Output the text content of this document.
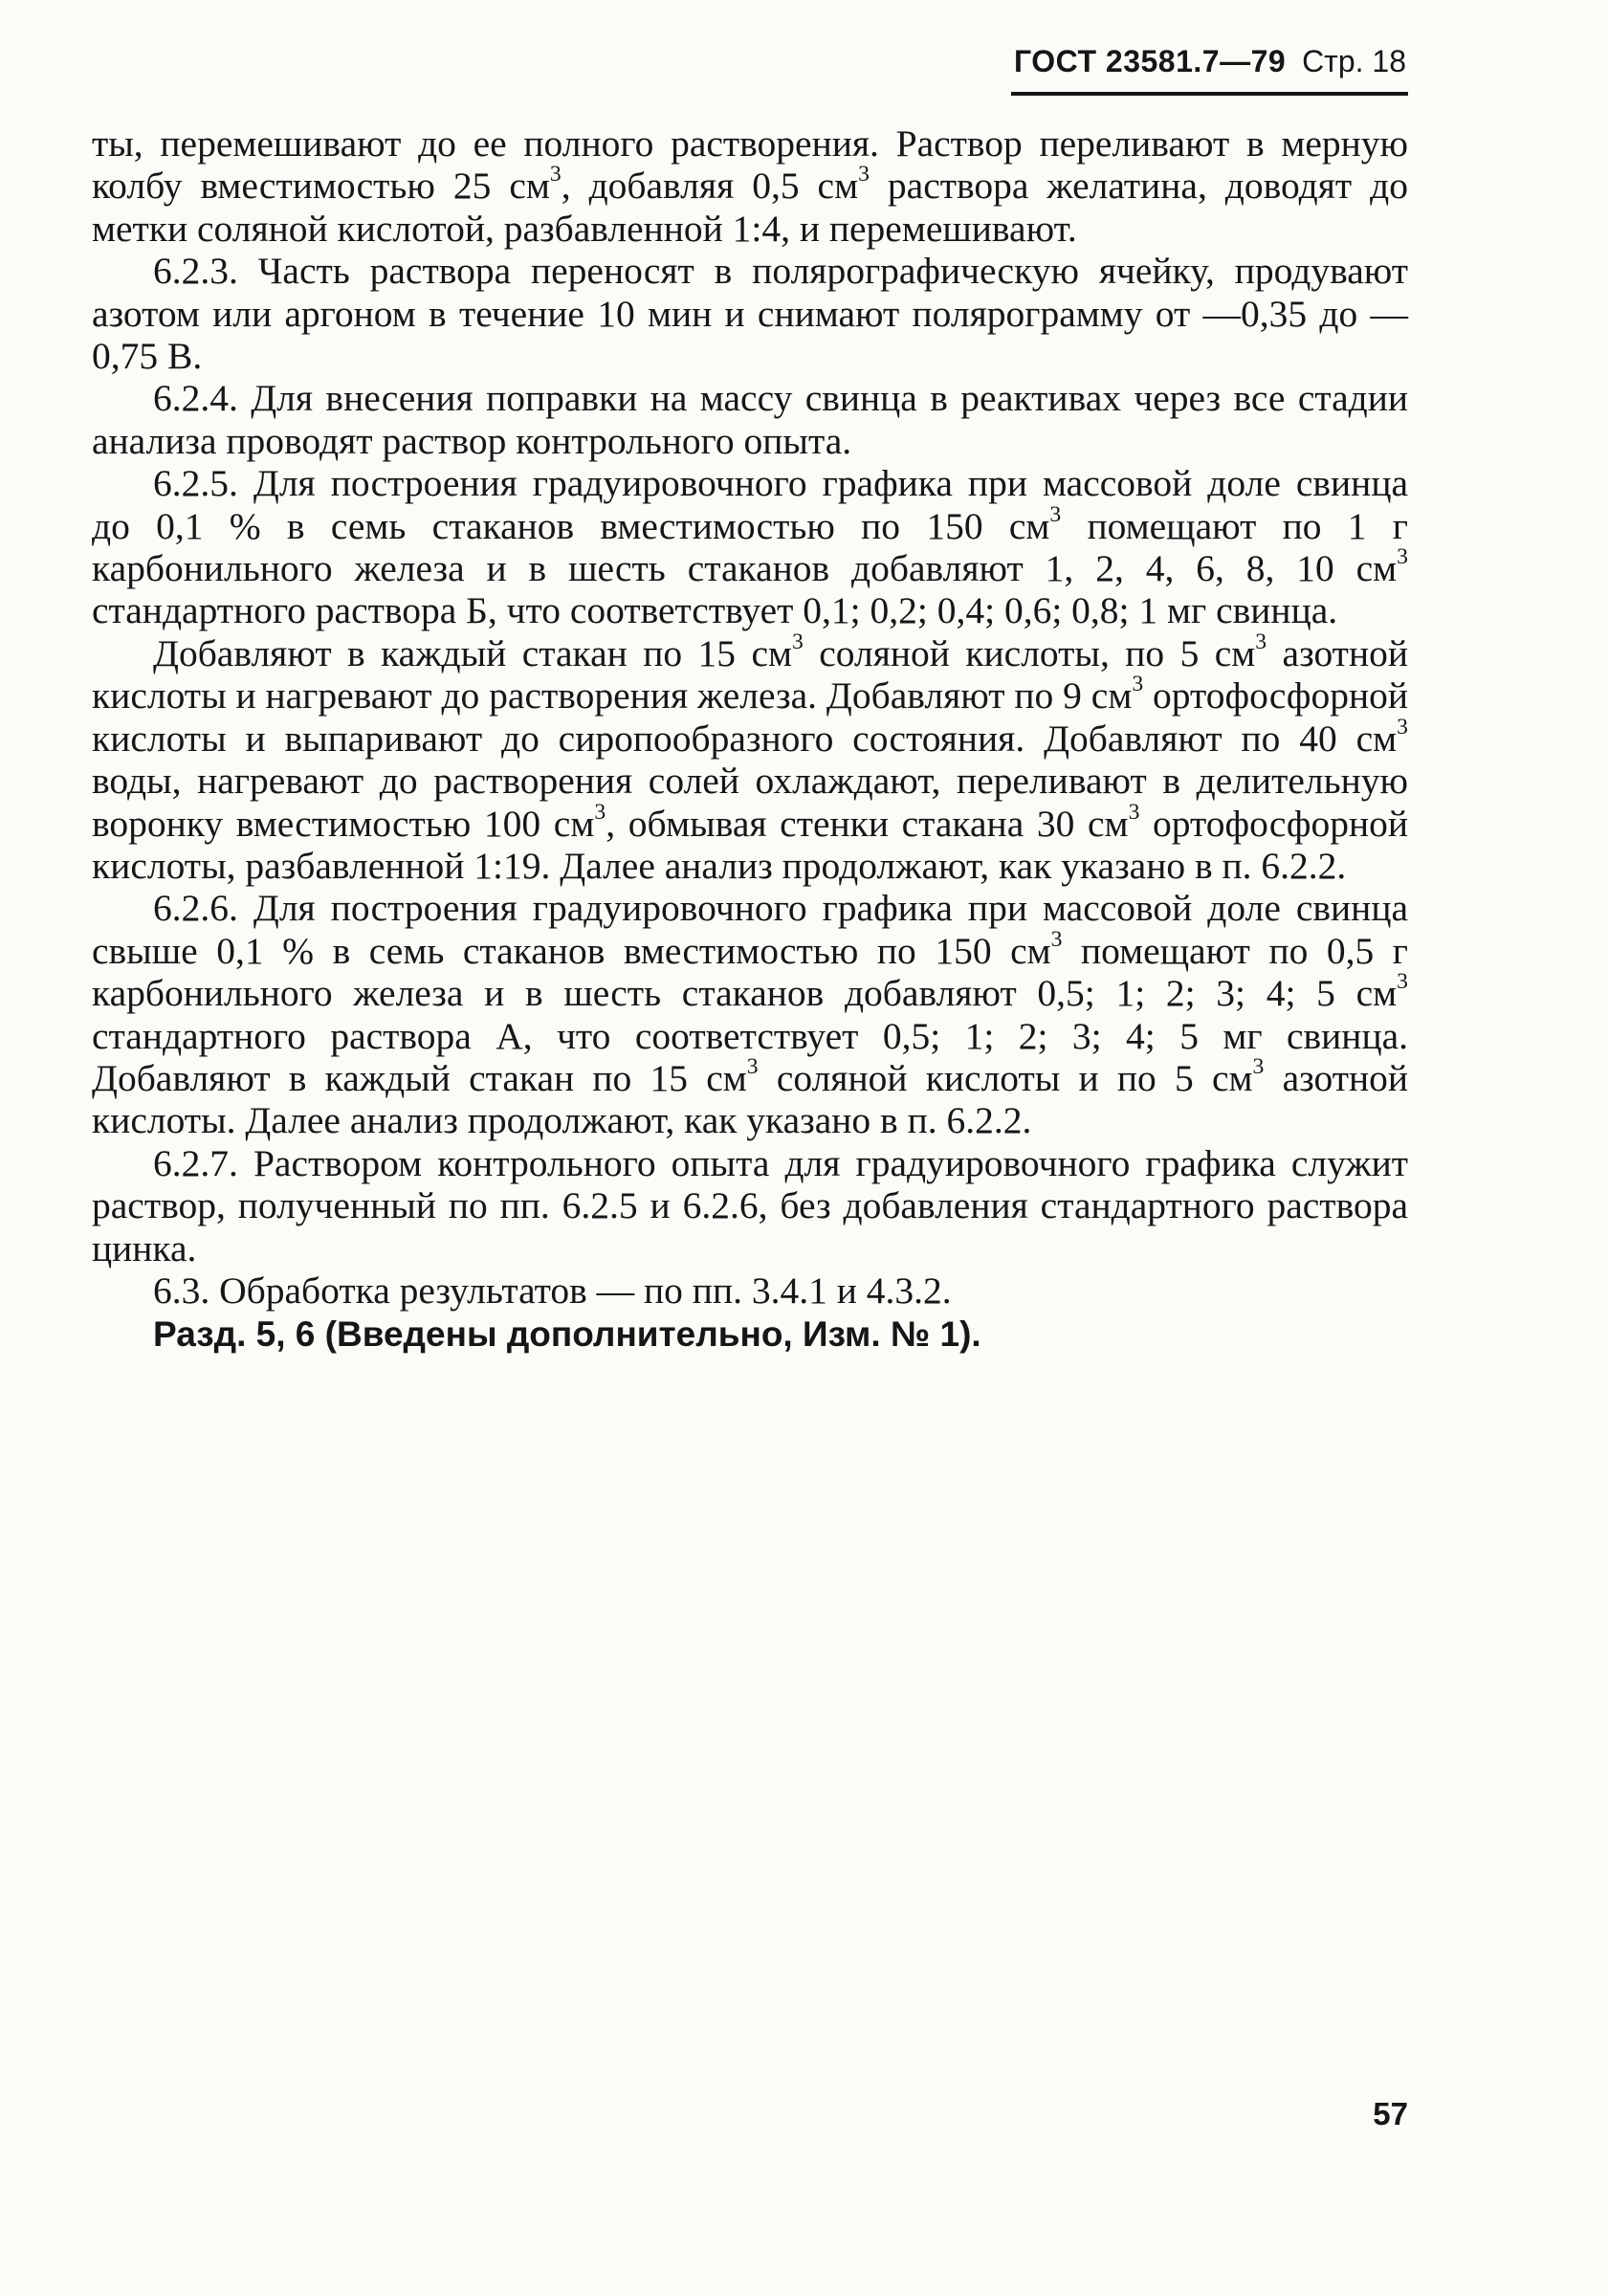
ГОСТ 23581.7—79 Стр. 18

ты, перемешивают до ее полного растворения. Раствор переливают в мерную колбу вместимостью 25 $см^3$, добавляя 0,5 $см^3$ раствора желатина, доводят до метки соляной кислотой, разбавленной 1:4, и перемешивают.

6.2.3. Часть раствора переносят в полярографическую ячейку, продувают азотом или аргоном в течение 10 мин и снимают полярограмму от —0,35 до —0,75 В.

6.2.4. Для внесения поправки на массу свинца в реактивах через все стадии анализа проводят раствор контрольного опыта.

6.2.5. Для построения градуировочного графика при массовой доле свинца до 0,1 % в семь стаканов вместимостью по 150 $см^3$ помещают по 1 г карбонильного железа и в шесть стаканов добавляют 1, 2, 4, 6, 8, 10 $см^3$ стандартного раствора Б, что соответствует 0,1; 0,2; 0,4; 0,6; 0,8; 1 мг свинца.

Добавляют в каждый стакан по 15 $см^3$ соляной кислоты, по 5 $см^3$ азотной кислоты и нагревают до растворения железа. Добавляют по 9 $см^3$ ортофосфорной кислоты и выпаривают до сиропообразного состояния. Добавляют по 40 $см^3$ воды, нагревают до растворения солей охлаждают, переливают в делительную воронку вместимостью 100 $см^3$, обмывая стенки стакана 30 $см^3$ ортофосфорной кислоты, разбавленной 1:19. Далее анализ продолжают, как указано в п. 6.2.2.

6.2.6. Для построения градуировочного графика при массовой доле свинца свыше 0,1 % в семь стаканов вместимостью по 150 $см^3$ помещают по 0,5 г карбонильного железа и в шесть стаканов добавляют 0,5; 1; 2; 3; 4; 5 $см^3$ стандартного раствора А, что соответствует 0,5; 1; 2; 3; 4; 5 мг свинца. Добавляют в каждый стакан по 15 $см^3$ соляной кислоты и по 5 $см^3$ азотной кислоты. Далее анализ продолжают, как указано в п. 6.2.2.

6.2.7. Раствором контрольного опыта для градуировочного графика служит раствор, полученный по пп. 6.2.5 и 6.2.6, без добавления стандартного раствора цинка.

6.3. Обработка результатов — по пп. 3.4.1 и 4.3.2.

Разд. 5, 6 (Введены дополнительно, Изм. № 1).

57
